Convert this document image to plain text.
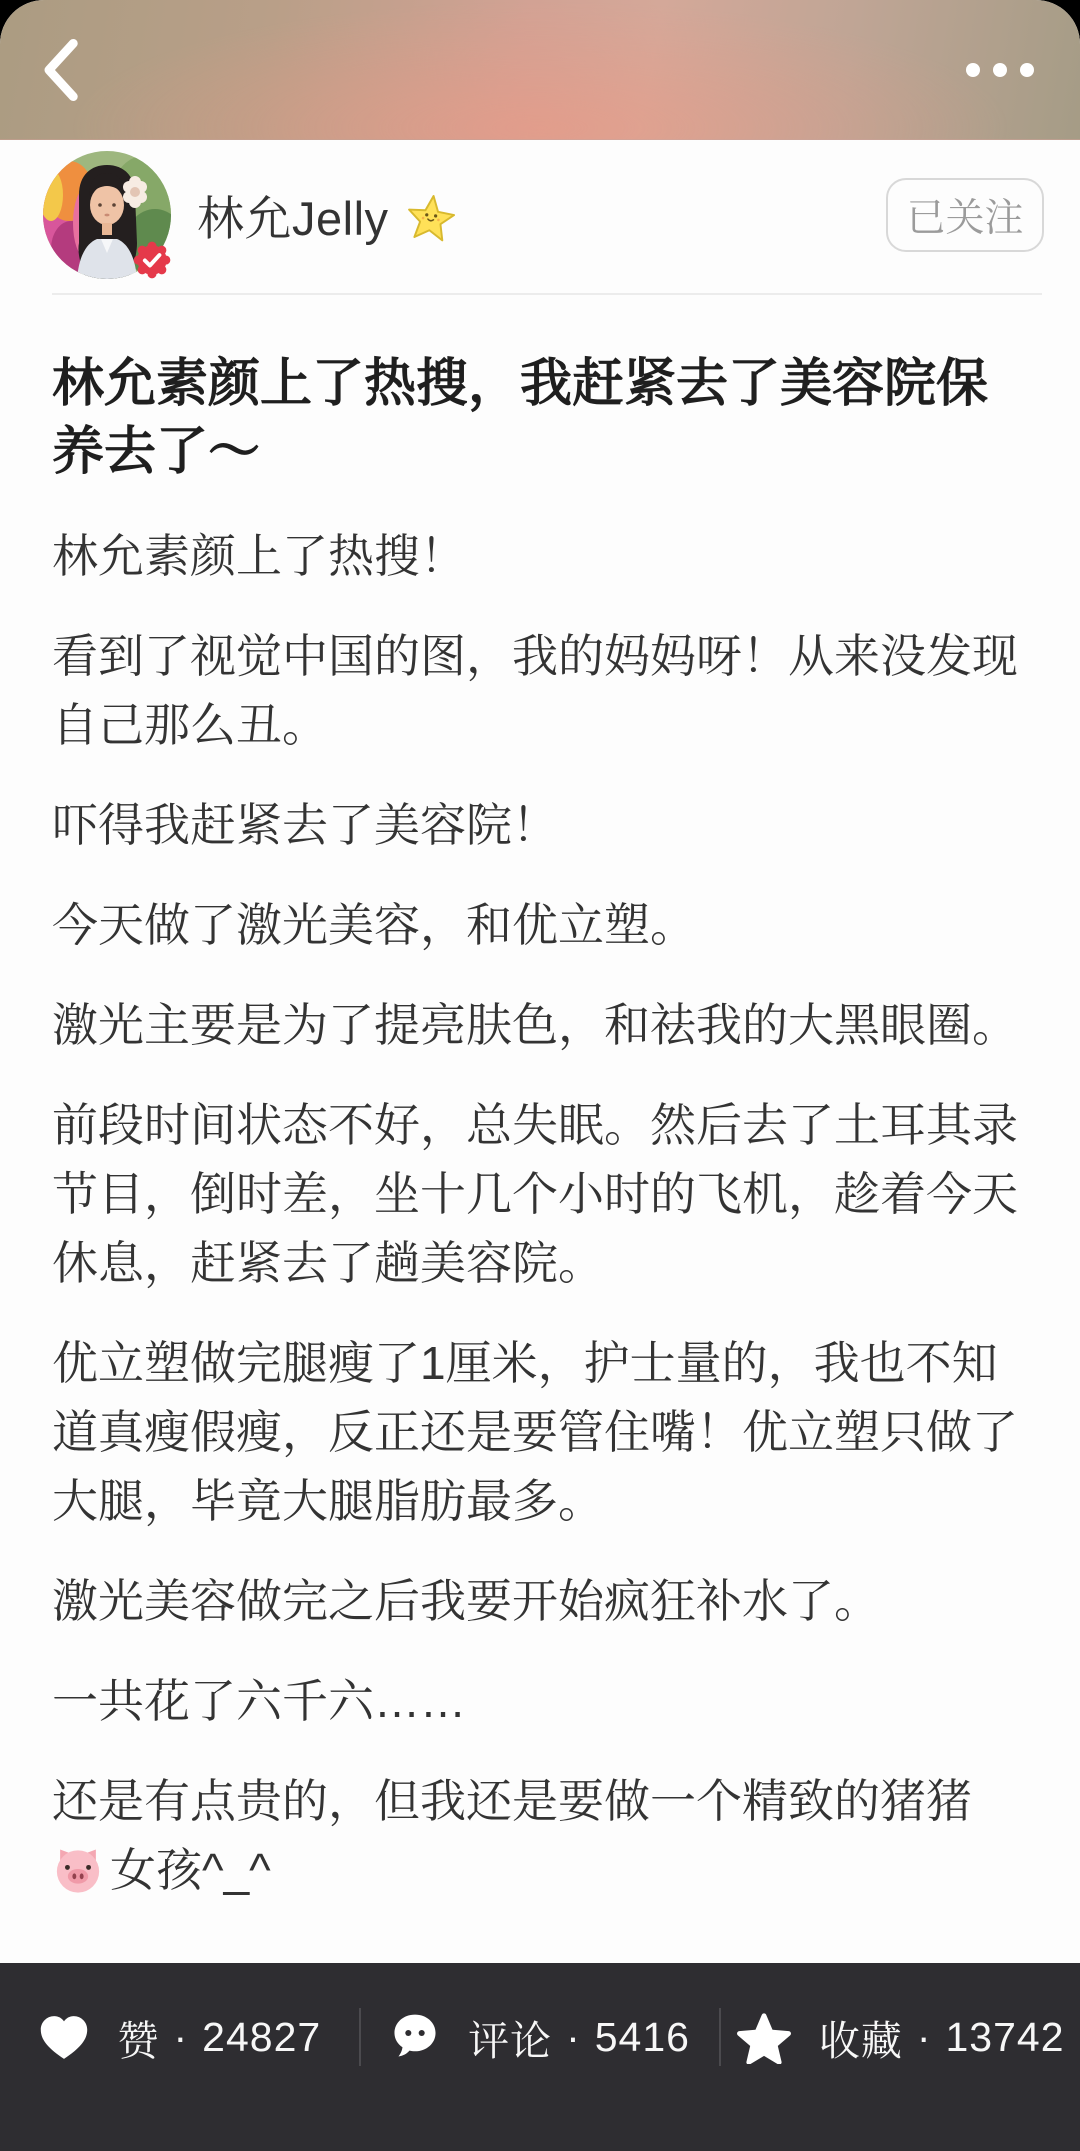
林允Jelly	已关注
林允素颜上了热搜，我赶紧去了美容院保养去了～

林允素颜上了热搜！

看到了视觉中国的图，我的妈妈呀！从来没发现自己那么丑。

吓得我赶紧去了美容院！

今天做了激光美容，和优立塑。

激光主要是为了提亮肤色，和祛我的大黑眼圈。

前段时间状态不好，总失眠。然后去了土耳其录节目，倒时差，坐十几个小时的飞机，趁着今天休息，赶紧去了趟美容院。

优立塑做完腿瘦了1厘米，护士量的，我也不知道真瘦假瘦，反正还是要管住嘴！优立塑只做了大腿，毕竟大腿脂肪最多。

激光美容做完之后我要开始疯狂补水了。

一共花了六千六……

还是有点贵的，但我还是要做一个精致的猪猪女孩^_^

赞 · 24827	评论 · 5416	收藏 · 13742
